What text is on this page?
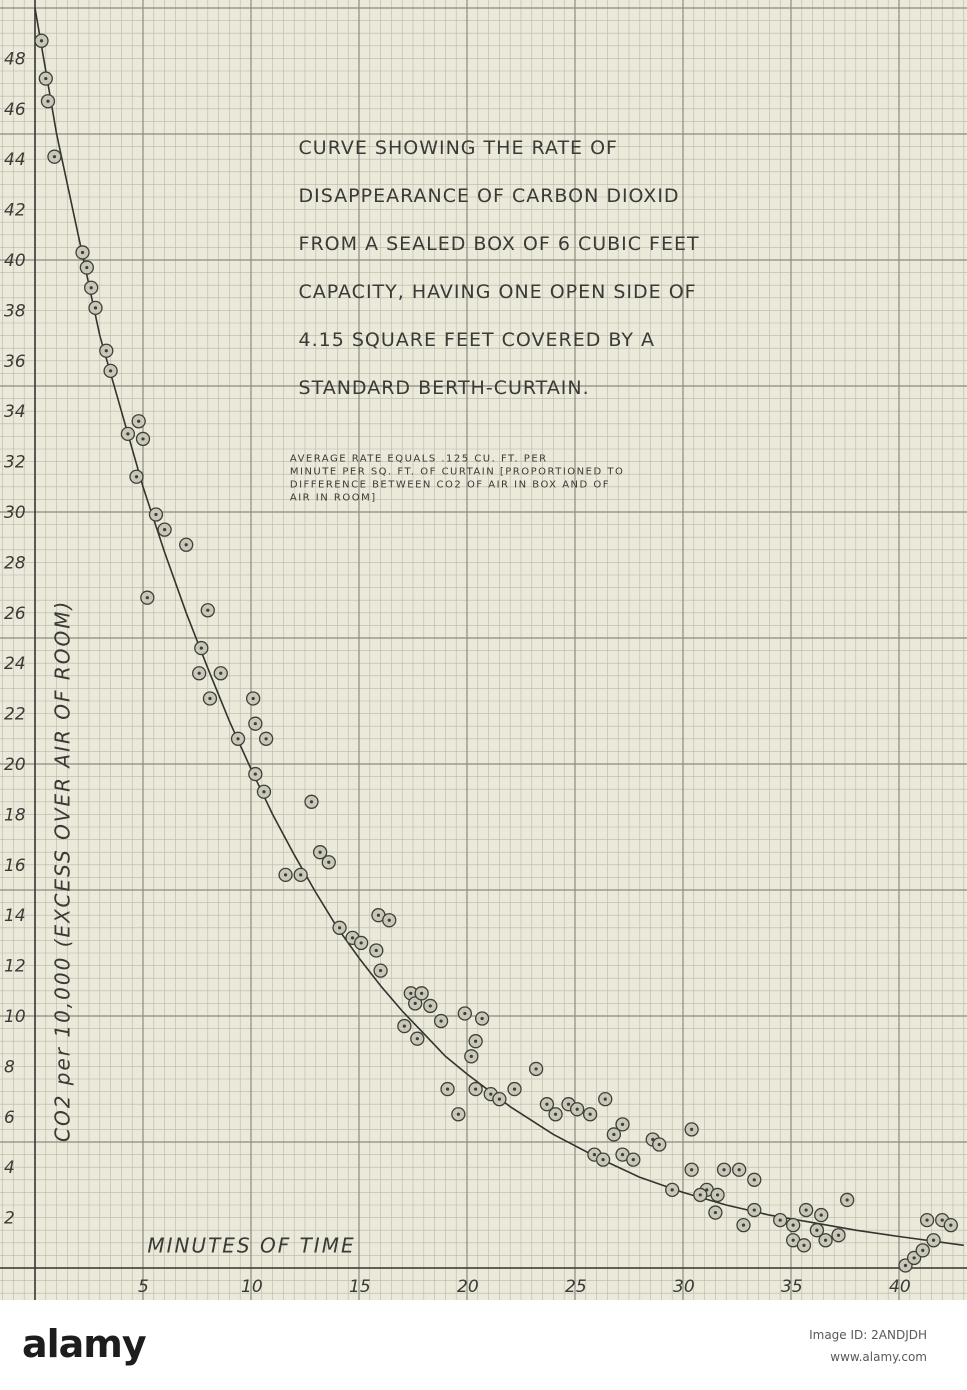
2
4
6
8
10
12
14
16
18
20
22
24
26
28
30
32
34
36
38
40
42
44
46
48
5	10	15	20	25	30	35	40
CURVE SHOWING THE RATE OF
DISAPPEARANCE OF CARBON DIOXID
FROM A SEALED BOX OF 6 CUBIC FEET
CAPACITY, HAVING ONE OPEN SIDE OF
4.15 SQUARE FEET COVERED BY A
STANDARD BERTH-CURTAIN.
AVERAGE RATE EQUALS .125 CU. FT. PER
MINUTE PER SQ. FT. OF CURTAIN [PROPORTIONED TO
DIFFERENCE BETWEEN CO2 OF AIR IN BOX AND OF
AIR IN ROOM]
MINUTES OF TIME
CO2 per 10,000 (EXCESS OVER AIR OF ROOM)
alamy	Image ID: 2ANDJDH
www.alamy.com
